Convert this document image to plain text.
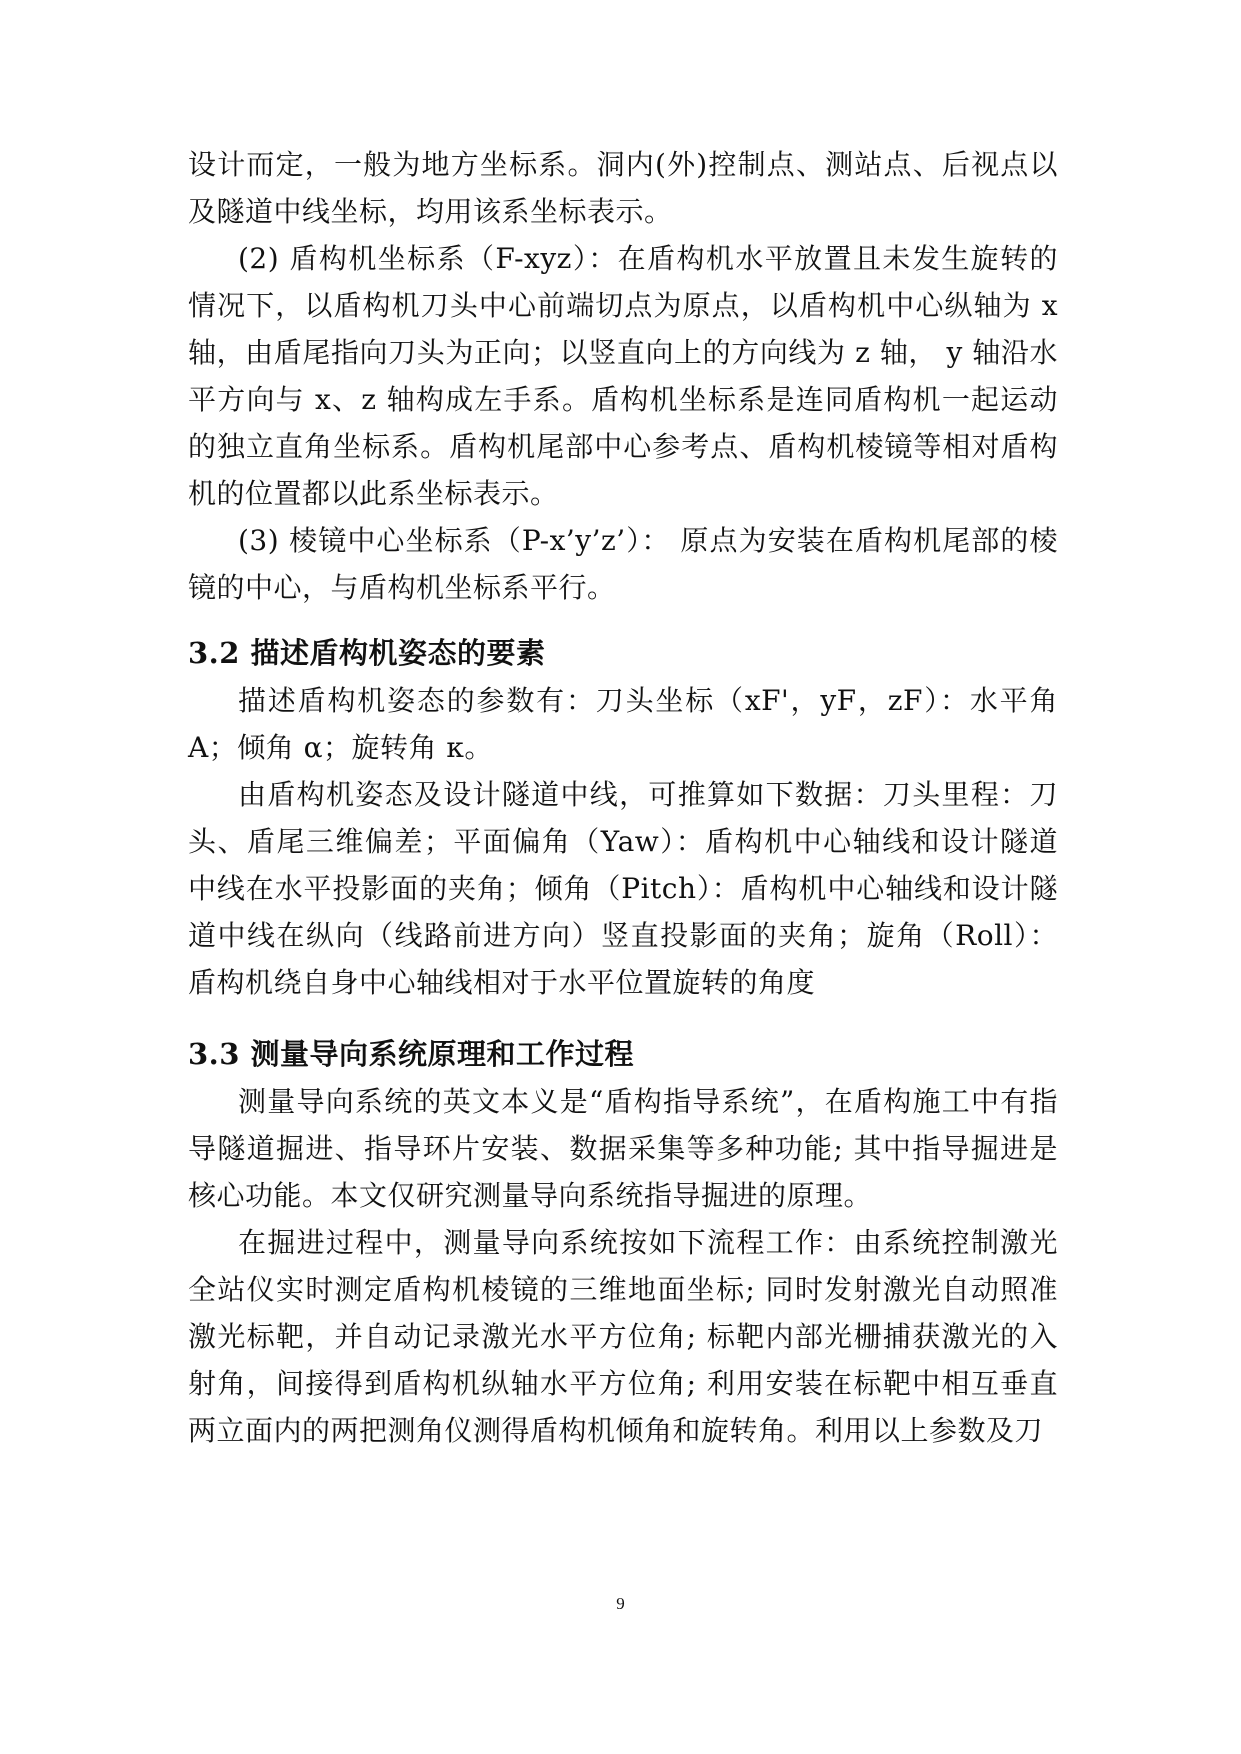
设计而定，一般为地方坐标系。洞内(外)控制点、测站点、后视点以及隧道中线坐标，均用该系坐标表示。

(2) 盾构机坐标系（F-xyz）：在盾构机水平放置且未发生旋转的情况下，以盾构机刀头中心前端切点为原点，以盾构机中心纵轴为 x 轴，由盾尾指向刀头为正向；以竖直向上的方向线为 z 轴， y 轴沿水平方向与 x、z 轴构成左手系。盾构机坐标系是连同盾构机一起运动的独立直角坐标系。盾构机尾部中心参考点、盾构机棱镜等相对盾构机的位置都以此系坐标表示。

(3) 棱镜中心坐标系（P-x’y’z’）： 原点为安装在盾构机尾部的棱镜的中心，与盾构机坐标系平行。

3.2 描述盾构机姿态的要素

描述盾构机姿态的参数有：刀头坐标（xF'，yF，zF）：水平角 A；倾角 α；旋转角 κ。

由盾构机姿态及设计隧道中线，可推算如下数据：刀头里程：刀头、盾尾三维偏差；平面偏角（Yaw）：盾构机中心轴线和设计隧道中线在水平投影面的夹角；倾角（Pitch）：盾构机中心轴线和设计隧道中线在纵向（线路前进方向）竖直投影面的夹角；旋角（Roll）：盾构机绕自身中心轴线相对于水平位置旋转的角度

3.3 测量导向系统原理和工作过程

测量导向系统的英文本义是“盾构指导系统”，在盾构施工中有指导隧道掘进、指导环片安装、数据采集等多种功能; 其中指导掘进是核心功能。本文仅研究测量导向系统指导掘进的原理。

在掘进过程中，测量导向系统按如下流程工作：由系统控制激光全站仪实时测定盾构机棱镜的三维地面坐标; 同时发射激光自动照准激光标靶，并自动记录激光水平方位角; 标靶内部光栅捕获激光的入射角，间接得到盾构机纵轴水平方位角; 利用安装在标靶中相互垂直两立面内的两把测角仪测得盾构机倾角和旋转角。利用以上参数及刀

9
